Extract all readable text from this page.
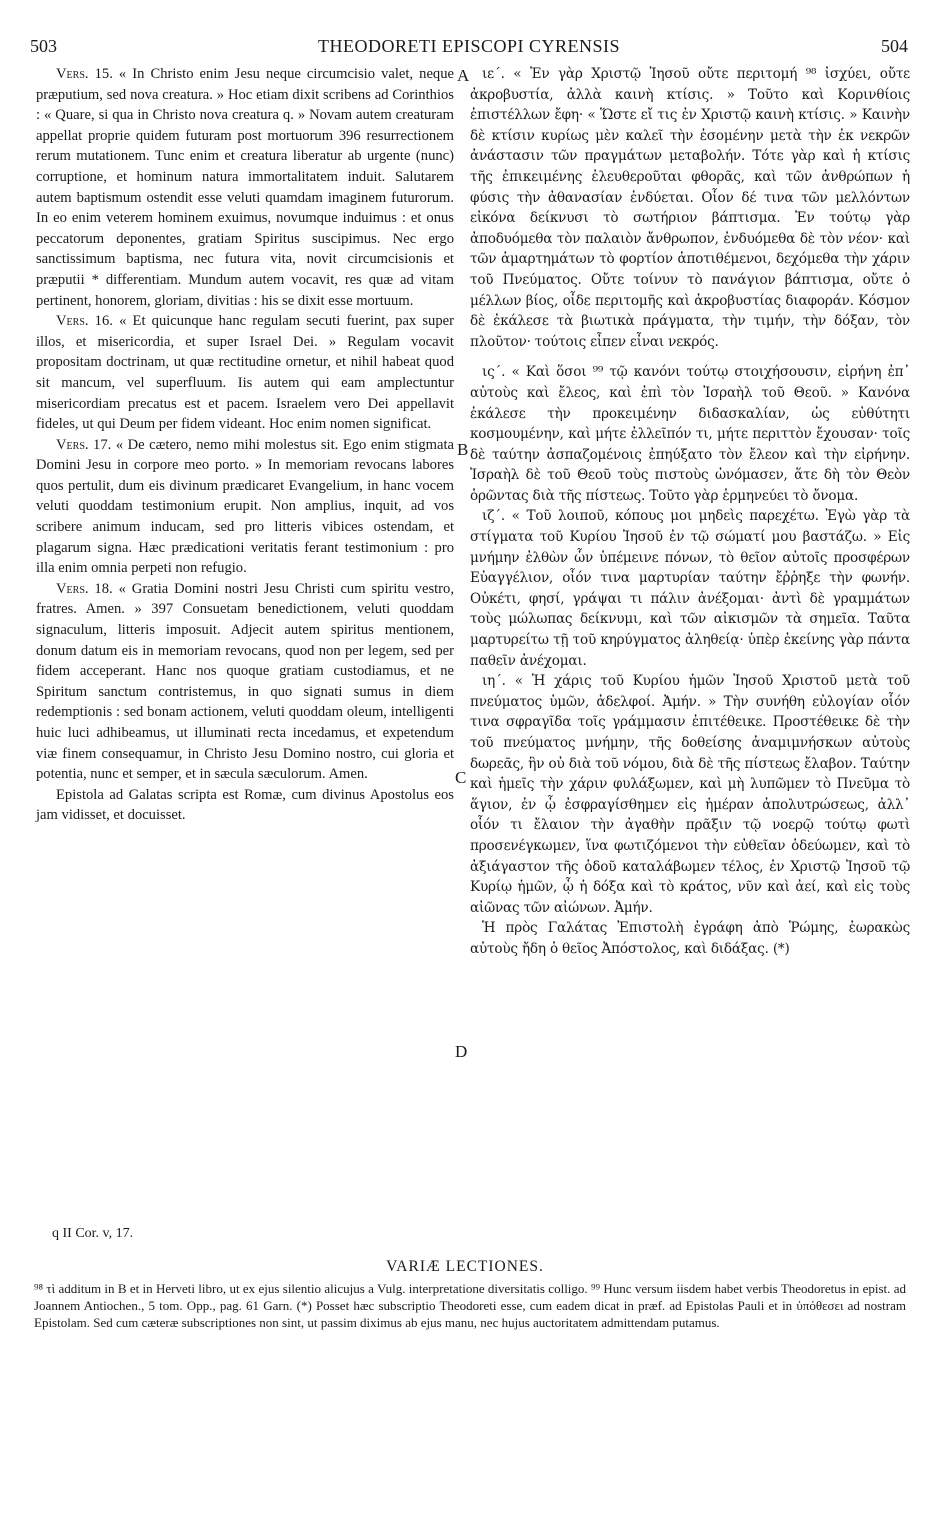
503	THEODORETI EPISCOPI CYRENSIS	504

Vers. 15. « In Christo enim Jesu neque circumcisio valet, neque præputium, sed nova creatura. » Hoc etiam dixit scribens ad Corinthios : « Quare, si qua in Christo nova creatura q. » Novam autem creaturam appellat proprie quidem futuram post mortuorum 396 resurrectionem rerum mutationem. Tunc enim et creatura liberatur ab urgente (nunc) corruptione, et hominum natura immortalitatem induit. Salutarem autem baptismum ostendit esse veluti quamdam imaginem futurorum. In eo enim veterem hominem exuimus, novumque induimus : et onus peccatorum deponentes, gratiam Spiritus suscipimus. Nec ergo sanctissimum baptisma, nec futura vita, novit circumcisionis et præputii * differentiam. Mundum autem vocavit, res quæ ad vitam pertinent, honorem, gloriam, divitias : his se dixit esse mortuum.

Vers. 16. « Et quicunque hanc regulam secuti fuerint, pax super illos, et misericordia, et super Israel Dei. » Regulam vocavit propositam doctrinam, ut quæ rectitudine ornetur, et nihil habeat quod sit mancum, vel superfluum. Iis autem qui eam amplectuntur misericordiam precatus est et pacem. Israelem vero Dei appellavit fideles, ut qui Deum per fidem videant. Hoc enim nomen significat.

Vers. 17. « De cætero, nemo mihi molestus sit. Ego enim stigmata Domini Jesu in corpore meo porto. » In memoriam revocans labores quos pertulit, dum eis divinum prædicaret Evangelium, in hanc vocem veluti quoddam testimonium erupit. Non amplius, inquit, ad vos scribere animum inducam, sed pro litteris vibices ostendam, et plagarum signa. Hæc prædicationi veritatis ferant testimonium : pro illa enim omnia perpeti non refugio.

Vers. 18. « Gratia Domini nostri Jesu Christi cum spiritu vestro, fratres. Amen. » 397 Consuetam benedictionem, veluti quoddam signaculum, litteris imposuit. Adjecit autem spiritus mentionem, donum datum eis in memoriam revocans, quod non per legem, sed per fidem acceperant. Hanc nos quoque gratiam custodiamus, et ne Spiritum sanctum contristemus, in quo signati sumus in diem redemptionis : sed bonam actionem, veluti quoddam oleum, intelligenti huic luci adhibeamus, ut illuminati recta incedamus, et expetendum viæ finem consequamur, in Christo Jesu Domino nostro, cui gloria et potentia, nunc et semper, et in sæcula sæculorum. Amen.

Epistola ad Galatas scripta est Romæ, cum divinus Apostolus eos jam vidisset, et docuisset.

ιε΄. « Ἐν γὰρ Χριστῷ Ἰησοῦ οὔτε περιτομή ⁹⁸ ἰσχύει, οὔτε ἀκροβυστία, ἀλλὰ καινὴ κτίσις. » Τοῦτο καὶ Κορινθίοις ἐπιστέλλων ἔφη· « Ὥστε εἴ τις ἐν Χριστῷ καινὴ κτίσις. » Καινὴν δὲ κτίσιν κυρίως μὲν καλεῖ τὴν ἐσομένην μετὰ τὴν ἐκ νεκρῶν ἀνάστασιν τῶν πραγμάτων μεταβολήν. Τότε γὰρ καὶ ἡ κτίσις τῆς ἐπικειμένης ἐλευθεροῦται φθορᾶς, καὶ τῶν ἀνθρώπων ἡ φύσις τὴν ἀθανασίαν ἐνδύεται. Οἷον δέ τινα τῶν μελλόντων εἰκόνα δείκνυσι τὸ σωτήριον βάπτισμα. Ἐν τούτῳ γὰρ ἀποδυόμεθα τὸν παλαιὸν ἄνθρωπον, ἐνδυόμεθα δὲ τὸν νέον· καὶ τῶν ἁμαρτημάτων τὸ φορτίον ἀποτιθέμενοι, δεχόμεθα τὴν χάριν τοῦ Πνεύματος. Οὔτε τοίνυν τὸ πανάγιον βάπτισμα, οὔτε ὁ μέλλων βίος, οἶδε περιτομῆς καὶ ἀκροβυστίας διαφοράν. Κόσμον δὲ ἐκάλεσε τὰ βιωτικὰ πράγματα, τὴν τιμήν, τὴν δόξαν, τὸν πλοῦτον· τούτοις εἶπεν εἶναι νεκρός.

ις΄. « Καὶ ὅσοι ⁹⁹ τῷ κανόνι τούτῳ στοιχήσουσιν, εἰρήνη ἐπ᾽ αὐτοὺς καὶ ἔλεος, καὶ ἐπὶ τὸν Ἰσραὴλ τοῦ Θεοῦ. » Κανόνα ἐκάλεσε τὴν προκειμένην διδασκαλίαν, ὡς εὐθύτητι κοσμουμένην, καὶ μήτε ἐλλεῖπόν τι, μήτε περιττὸν ἔχουσαν· τοῖς δὲ ταύτην ἀσπαζομένοις ἐπηύξατο τὸν ἔλεον καὶ τὴν εἰρήνην. Ἰσραὴλ δὲ τοῦ Θεοῦ τοὺς πιστοὺς ὠνόμασεν, ἅτε δὴ τὸν Θεὸν ὁρῶντας διὰ τῆς πίστεως. Τοῦτο γὰρ ἑρμηνεύει τὸ ὄνομα.

ιζ΄. « Τοῦ λοιποῦ, κόπους μοι μηδεὶς παρεχέτω. Ἐγὼ γὰρ τὰ στίγματα τοῦ Κυρίου Ἰησοῦ ἐν τῷ σώματί μου βαστάζω. » Εἰς μνήμην ἐλθὼν ὧν ὑπέμεινε πόνων, τὸ θεῖον αὐτοῖς προσφέρων Εὐαγγέλιον, οἷόν τινα μαρτυρίαν ταύτην ἔῤῥηξε τὴν φωνήν. Οὐκέτι, φησί, γράψαι τι πάλιν ἀνέξομαι· ἀντὶ δὲ γραμμάτων τοὺς μώλωπας δείκνυμι, καὶ τῶν αἰκισμῶν τὰ σημεῖα. Ταῦτα μαρτυρείτω τῇ τοῦ κηρύγματος ἀληθείᾳ· ὑπὲρ ἐκείνης γὰρ πάντα παθεῖν ἀνέχομαι.

ιη΄. « Ἡ χάρις τοῦ Κυρίου ἡμῶν Ἰησοῦ Χριστοῦ μετὰ τοῦ πνεύματος ὑμῶν, ἀδελφοί. Ἀμήν. » Τὴν συνήθη εὐλογίαν οἷόν τινα σφραγῖδα τοῖς γράμμασιν ἐπιτέθεικε. Προστέθεικε δὲ τὴν τοῦ πνεύματος μνήμην, τῆς δοθείσης ἀναμιμνήσκων αὐτοὺς δωρεᾶς, ἣν οὐ διὰ τοῦ νόμου, διὰ δὲ τῆς πίστεως ἔλαβον. Ταύτην καὶ ἡμεῖς τὴν χάριν φυλάξωμεν, καὶ μὴ λυπῶμεν τὸ Πνεῦμα τὸ ἅγιον, ἐν ᾧ ἐσφραγίσθημεν εἰς ἡμέραν ἀπολυτρώσεως, ἀλλ᾽ οἷόν τι ἔλαιον τὴν ἀγαθὴν πρᾶξιν τῷ νοερῷ τούτῳ φωτὶ προσενέγκωμεν, ἵνα φωτιζόμενοι τὴν εὐθεῖαν ὁδεύωμεν, καὶ τὸ ἀξιάγαστον τῆς ὁδοῦ καταλάβωμεν τέλος, ἐν Χριστῷ Ἰησοῦ τῷ Κυρίῳ ἡμῶν, ᾧ ἡ δόξα καὶ τὸ κράτος, νῦν καὶ ἀεί, καὶ εἰς τοὺς αἰῶνας τῶν αἰώνων. Ἀμήν.

Ἡ πρὸς Γαλάτας Ἐπιστολὴ ἐγράφη ἀπὸ Ῥώμης, ἑωρακὼς αὐτοὺς ἤδη ὁ θεῖος Ἀπόστολος, καὶ διδάξας. (*)

A
B
C
D
q II Cor. v, 17.
VARIÆ LECTIONES.
⁹⁸ τὶ additum in B et in Herveti libro, ut ex ejus silentio alicujus a Vulg. interpretatione diversitatis colligo. ⁹⁹ Hunc versum iisdem habet verbis Theodoretus in epist. ad Joannem Antiochen., 5 tom. Opp., pag. 61 Garn. (*) Posset hæc subscriptio Theodoreti esse, cum eadem dicat in præf. ad Epistolas Pauli et in ὑπόθεσει ad nostram Epistolam. Sed cum cæteræ subscriptiones non sint, ut passim diximus ab ejus manu, nec hujus auctoritatem admittendam putamus.
